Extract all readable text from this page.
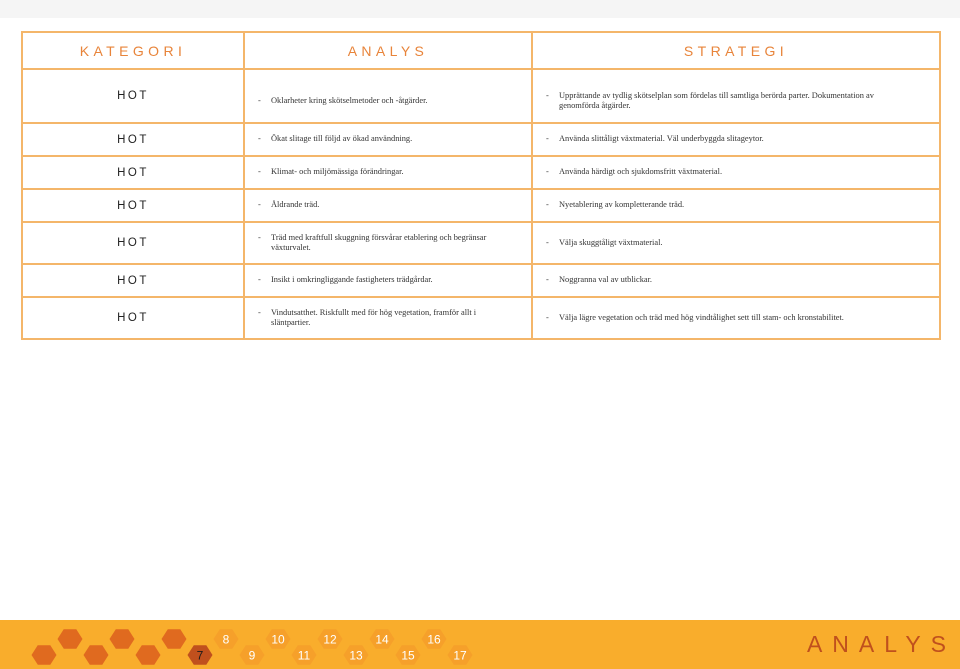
KATEGORI	ANALYS	STRATEGI
HOT	- Oklarheter kring skötselmetoder och -åtgärder.	- Upprättande av tydlig skötselplan som fördelas till samtliga berörda parter. Dokumentation av genomförda åtgärder.

HOT	- Ökat slitage till följd av ökad användning.	- Använda slittåligt växtmaterial. Väl underbyggda slitageytor.

HOT	- Klimat- och miljömässiga förändringar.	- Använda härdigt och sjukdomsfritt växtmaterial.

HOT	- Åldrande träd.	- Nyetablering av kompletterande träd.

HOT	- Träd med kraftfull skuggning försvårar etablering och begränsar växturvalet.	- Välja skuggtåligt växtmaterial.

HOT	- Insikt i omkringliggande fastigheters trädgårdar.	- Noggranna val av utblickar.

HOT	- Vindutsatthet. Riskfullt med för hög vegetation, framför allt i släntpartier.	- Välja lägre vegetation och träd med hög vindtålighet sett till stam- och kronstabilitet.
7
8
9
10
11
12
13
14
15
16
17	ANALYS
